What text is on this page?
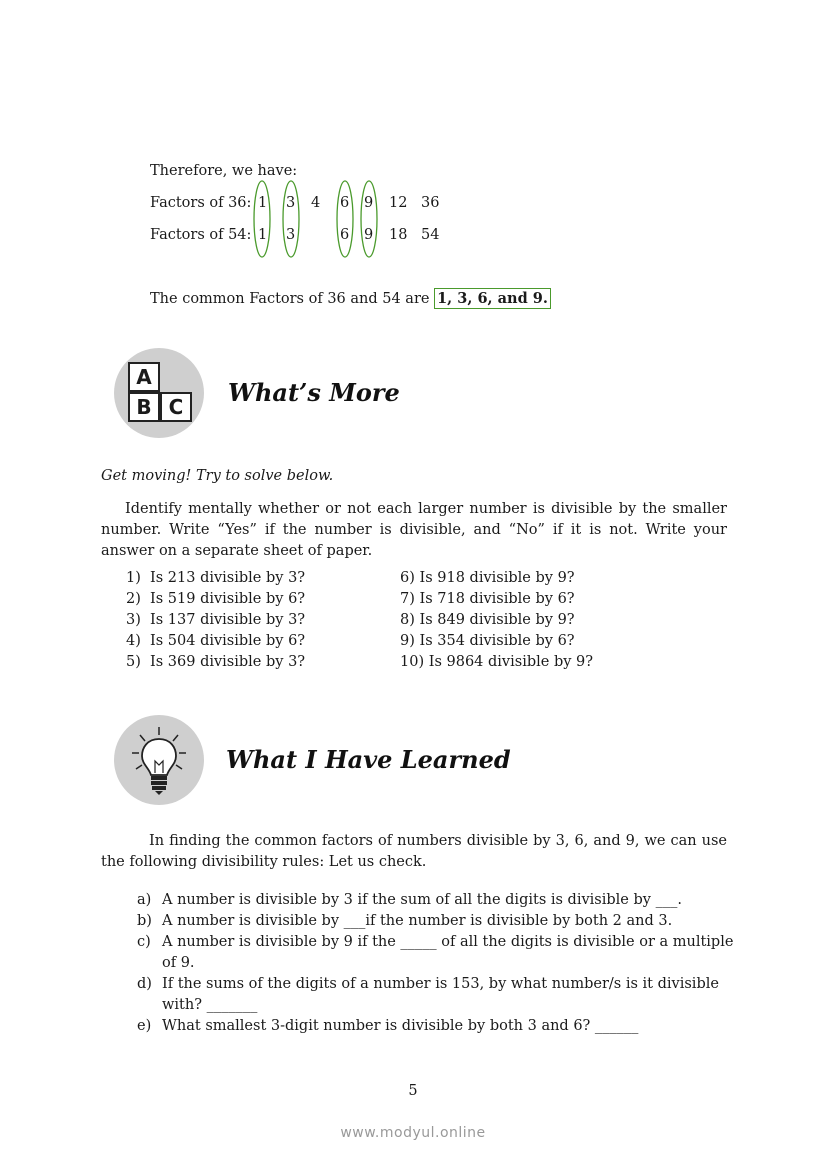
Therefore, we have:
Factors of 36: 1 3 4 6 9 12 36
Factors of 54: 1 3	6 9 18 54
The common Factors of 36 and 54 are 1, 3, 6, and 9.
A
B C	What’s More
Get moving! Try to solve below.
Identify mentally whether or not each larger number is divisible by the smaller number. Write “Yes” if the number is divisible, and “No” if it is not. Write your answer on a separate sheet of paper.
1) Is 213 divisible by 3?
2) Is 519 divisible by 6?
3) Is 137 divisible by 3?
4) Is 504 divisible by 6?
5) Is 369 divisible by 3?
6) Is 918 divisible by 9?
7) Is 718 divisible by 6?
8) Is 849 divisible by 9?
9) Is 354 divisible by 6?
10) Is 9864 divisible by 9?
What I Have Learned
In finding the common factors of numbers divisible by 3, 6, and 9, we can use the following divisibility rules: Let us check.
a) A number is divisible by 3 if the sum of all the digits is divisible by ___.
b) A number is divisible by ___if the number is divisible by both 2 and 3.
c) A number is divisible by 9 if the _____ of all the digits is divisible or a multiple
of 9.
d) If the sums of the digits of a number is 153, by what number/s is it divisible
with? _______
e) What smallest 3-digit number is divisible by both 3 and 6? ______
5
www.modyul.online
